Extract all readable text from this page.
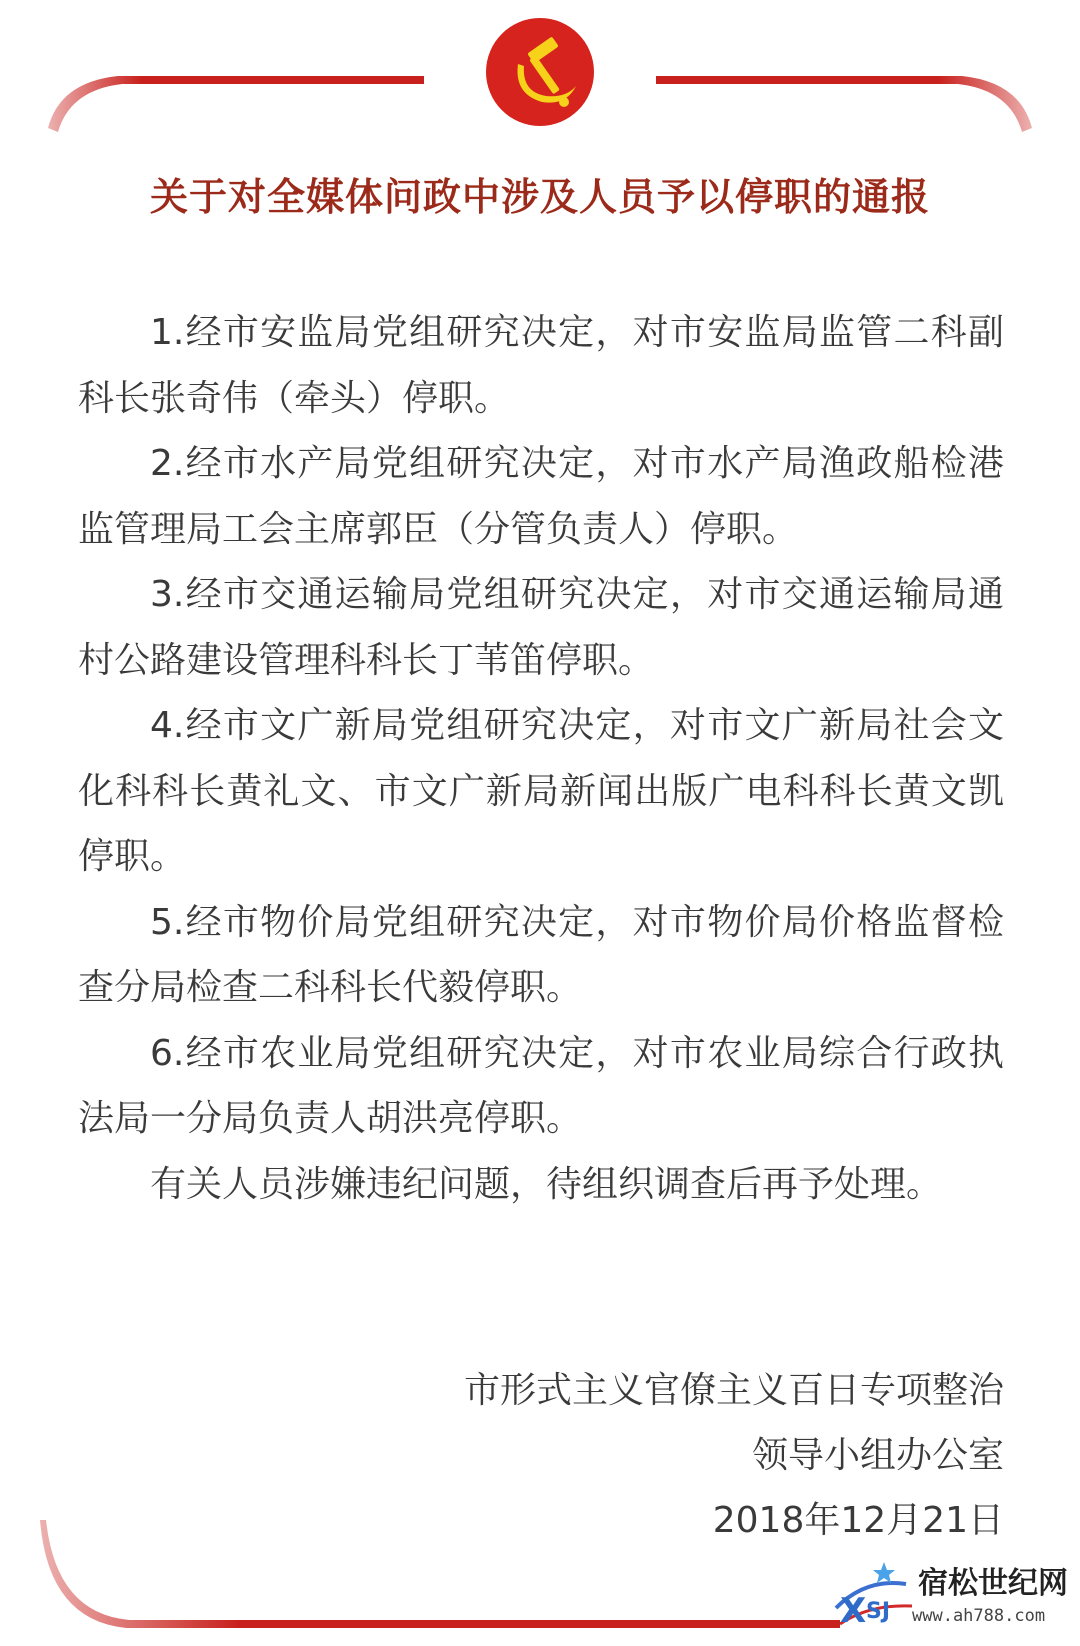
关于对全媒体问政中涉及人员予以停职的通报

1.经市安监局党组研究决定，对市安监局监管二科副科长张奇伟（牵头）停职。

2.经市水产局党组研究决定，对市水产局渔政船检港监管理局工会主席郭臣（分管负责人）停职。

3.经市交通运输局党组研究决定，对市交通运输局通村公路建设管理科科长丁苇笛停职。

4.经市文广新局党组研究决定，对市文广新局社会文化科科长黄礼文、市文广新局新闻出版广电科科长黄文凯停职。

5.经市物价局党组研究决定，对市物价局价格监督检查分局检查二科科长代毅停职。

6.经市农业局党组研究决定，对市农业局综合行政执法局一分局负责人胡洪亮停职。

有关人员涉嫌违纪问题，待组织调查后再予处理。

市形式主义官僚主义百日专项整治
领导小组办公室
2018年12月21日
X SJ
宿松世纪网
www.ah788.com
